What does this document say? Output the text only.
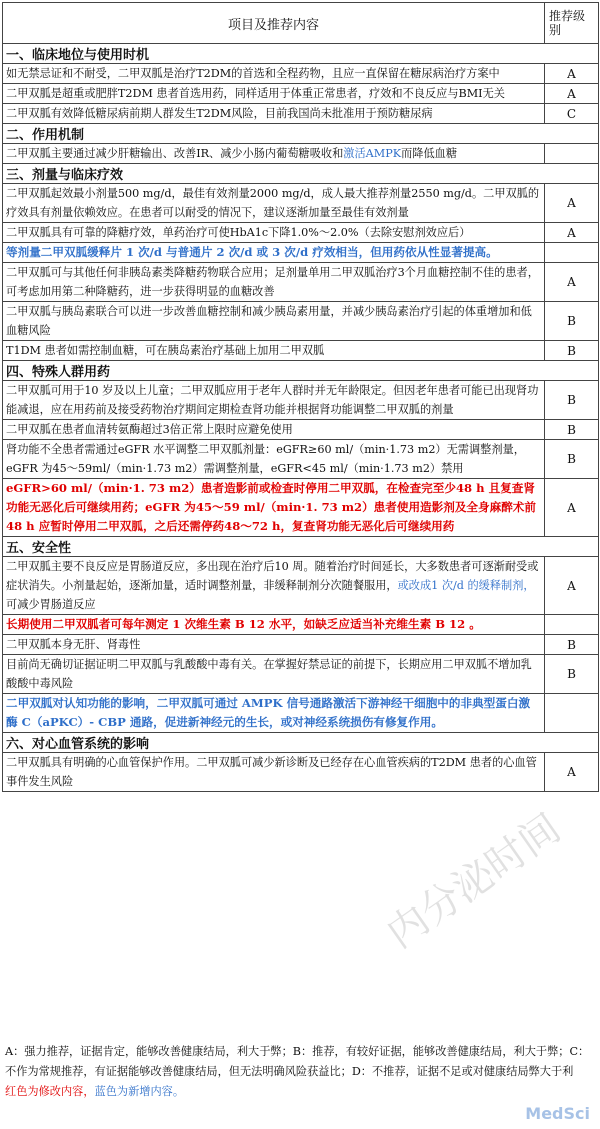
项目及推荐内容	推荐级别
一、临床地位与使用时机	
如无禁忌证和不耐受，二甲双胍是治疗T2DM的首选和全程药物，且应一直保留在糖尿病治疗方案中	A
二甲双胍是超重或肥胖T2DM 患者首选用药，同样适用于体重正常患者，疗效和不良反应与BMI无关	A
二甲双胍有效降低糖尿病前期人群发生T2DM风险，目前我国尚未批准用于预防糖尿病	C
二、作用机制	
二甲双胍主要通过减少肝糖输出、改善IR、减少小肠内葡萄糖吸收和激活AMPK而降低血糖	
三、剂量与临床疗效	
二甲双胍起效最小剂量500 mg/d，最佳有效剂量2000 mg/d，成人最大推荐剂量2550 mg/d。二甲双胍的疗效具有剂量依赖效应。在患者可以耐受的情况下，建议逐渐加量至最佳有效剂量	A
二甲双胍具有可靠的降糖疗效，单药治疗可使HbA1c下降1.0%～2.0%（去除安慰剂效应后）	A
等剂量二甲双胍缓释片 1 次/d 与普通片 2 次/d 或 3 次/d 疗效相当，但用药依从性显著提高。	
二甲双胍可与其他任何非胰岛素类降糖药物联合应用；足剂量单用二甲双胍治疗3个月血糖控制不佳的患者，可考虑加用第二种降糖药，进一步获得明显的血糖改善	A
二甲双胍与胰岛素联合可以进一步改善血糖控制和减少胰岛素用量，并减少胰岛素治疗引起的体重增加和低血糖风险	B
T1DM 患者如需控制血糖，可在胰岛素治疗基础上加用二甲双胍	B
四、特殊人群用药	
二甲双胍可用于10 岁及以上儿童；二甲双胍应用于老年人群时并无年龄限定。但因老年患者可能已出现肾功能减退，应在用药前及接受药物治疗期间定期检查肾功能并根据肾功能调整二甲双胍的剂量	B
二甲双胍在患者血清转氨酶超过3倍正常上限时应避免使用	B
肾功能不全患者需通过eGFR 水平调整二甲双胍剂量：eGFR≥60 ml/（min·1.73 m2）无需调整剂量，eGFR 为45～59ml/（min·1.73 m2）需调整剂量，eGFR<45 ml/（min·1.73 m2）禁用	B
eGFR>60 ml/（min·1. 73 m2）患者造影前或检查时停用二甲双胍，在检查完至少48 h 且复查肾功能无恶化后可继续用药；eGFR 为45～59 ml/（min·1. 73 m2）患者使用造影剂及全身麻醉术前48 h 应暂时停用二甲双胍，之后还需停药48～72 h，复查肾功能无恶化后可继续用药	A
五、安全性	
二甲双胍主要不良反应是胃肠道反应，多出现在治疗后10 周。随着治疗时间延长，大多数患者可逐渐耐受或症状消失。小剂量起始，逐渐加量，适时调整剂量，非缓释制剂分次随餐服用，或改成1 次/d 的缓释制剂，可减少胃肠道反应	A
长期使用二甲双胍者可每年测定 1 次维生素 B 12 水平，如缺乏应适当补充维生素 B 12 。	
二甲双胍本身无肝、肾毒性	B
目前尚无确切证据证明二甲双胍与乳酸酸中毒有关。在掌握好禁忌证的前提下，长期应用二甲双胍不增加乳酸酸中毒风险	B
二甲双胍对认知功能的影响，二甲双胍可通过 AMPK 信号通路激活下游神经干细胞中的非典型蛋白激酶 C（aPKC）- CBP 通路，促进新神经元的生长，或对神经系统损伤有修复作用。	
六、对心血管系统的影响	
二甲双胍具有明确的心血管保护作用。二甲双胍可减少新诊断及已经存在心血管疾病的T2DM 患者的心血管事件发生风险	A
A：强力推荐，证据肯定，能够改善健康结局，利大于弊；B：推荐，有较好证据，能够改善健康结局，利大于弊；C：不作为常规推荐，有证据能够改善健康结局，但无法明确风险获益比；D：不推荐，证据不足或对健康结局弊大于利
红色为修改内容，蓝色为新增内容。
内分泌时间
MedSci
